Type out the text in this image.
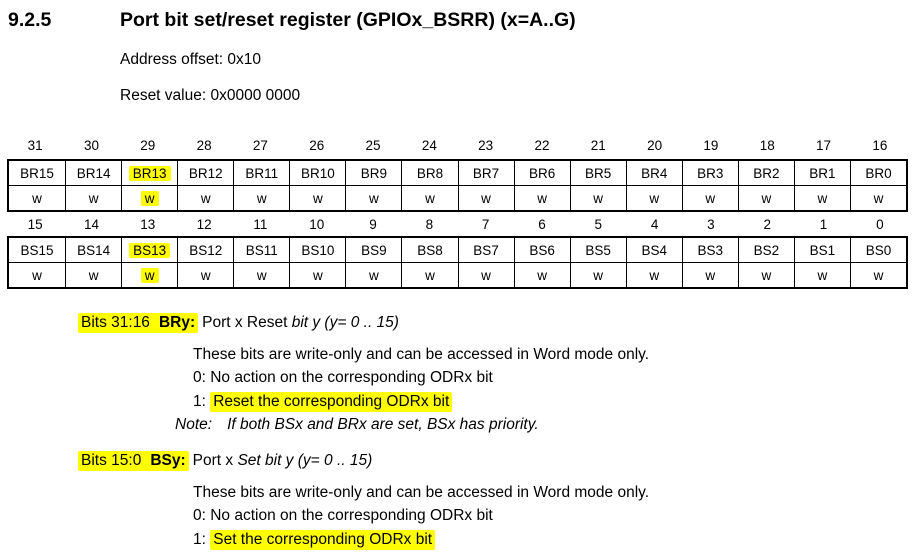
9.2.5	Port bit set/reset register (GPIOx_BSRR) (x=A..G)
Address offset: 0x10
Reset value: 0x0000 0000
31	30	29	28	27	26	25	24	23	22	21	20	19	18	17	16
BR15 BR14 BR13 BR12 BR11 BR10 BR9 BR8 BR7 BR6 BR5 BR4 BR3 BR2 BR1 BR0
w	w	w	w	w	w	w	w	w	w	w	w	w	w	w	w
15	14	13	12	11	10	9	8	7	6	5	4	3	2	1	0
BS15 BS14 BS13 BS12 BS11 BS10 BS9 BS8 BS7 BS6 BS5 BS4 BS3 BS2 BS1 BS0
w	w	w	w	w	w	w	w	w	w	w	w	w	w	w	w
Bits 31:16 BRy: Port x Reset bit y (y= 0 .. 15)
These bits are write-only and can be accessed in Word mode only.
0: No action on the corresponding ODRx bit
1: Reset the corresponding ODRx bit
Note: If both BSx and BRx are set, BSx has priority.
Bits 15:0 BSy: Port x Set bit y (y= 0 .. 15)
These bits are write-only and can be accessed in Word mode only.
0: No action on the corresponding ODRx bit
1: Set the corresponding ODRx bit
